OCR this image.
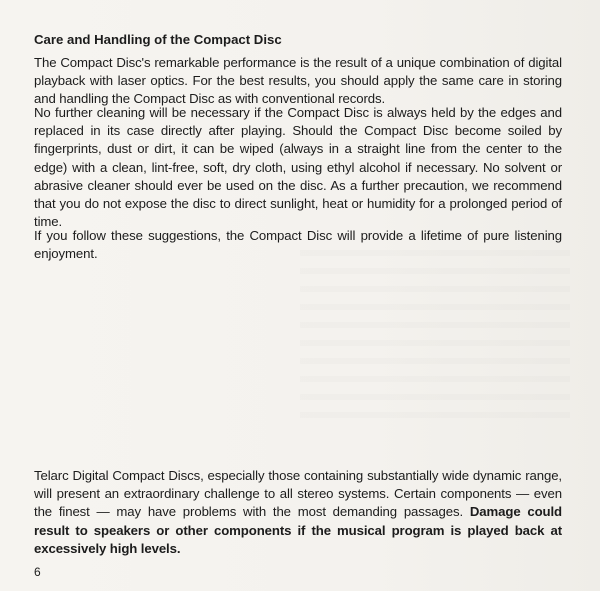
Care and Handling of the Compact Disc

The Compact Disc's remarkable performance is the result of a unique combination of digital playback with laser optics. For the best results, you should apply the same care in storing and handling the Compact Disc as with conventional records.

No further cleaning will be necessary if the Compact Disc is always held by the edges and replaced in its case directly after playing. Should the Compact Disc become soiled by fingerprints, dust or dirt, it can be wiped (always in a straight line from the center to the edge) with a clean, lint-free, soft, dry cloth, using ethyl alcohol if necessary. No solvent or abrasive cleaner should ever be used on the disc. As a further precaution, we recommend that you do not expose the disc to direct sunlight, heat or humidity for a prolonged period of time.

If you follow these suggestions, the Compact Disc will provide a lifetime of pure listening enjoyment.

Telarc Digital Compact Discs, especially those containing substantially wide dynamic range, will present an extraordinary challenge to all stereo systems. Certain components — even the finest — may have problems with the most demanding passages. Damage could result to speakers or other components if the musical program is played back at excessively high levels.

6
